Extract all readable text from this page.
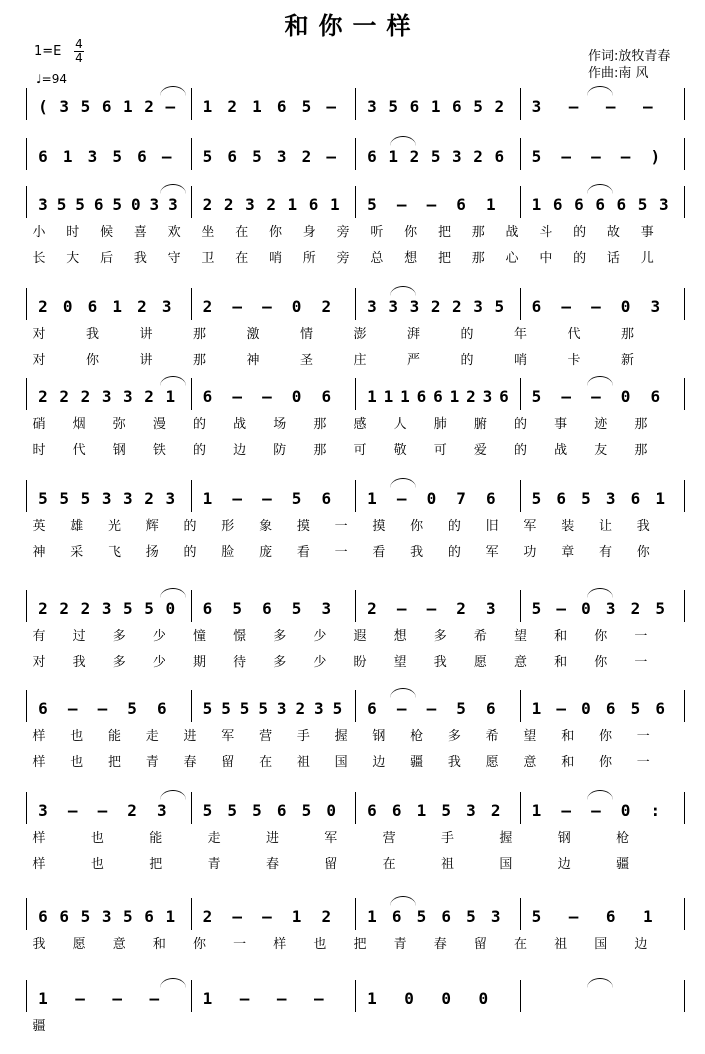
和你一样
1=E 4
4
♩=94
作词:放牧青春
作曲:南 风
( 3 5 6 1 2 – 1 2 1 6 5 – 3 5 6 1 6 5 2 3 – – –
6 1 3 5 6 – 5 6 5 3 2 – 6 1 2 5 3 2 6 5 – – – )
3 5 5 6 5 0 3 3 2 2 3 2 1 6 1 5 – – 6 1 1 6 6 6 6 5 3
小 时 候 喜 欢 坐 在 你 身 旁 听 你 把 那 战 斗 的 故 事
长 大 后 我 守 卫 在 哨 所 旁 总 想 把 那 心 中 的 话 儿
2 0 6 1 2 3 2 – – 0 2 3 3 3 2 2 3 5 6 – – 0 3
对	我	讲	那	激	情	澎	湃	的	年	代	那
对	你	讲	那	神	圣	庄	严	的	哨	卡	新
2 2 2 3 3 2 1 6 – – 0 6 1 1 1 6 6 1 2 3 6 5 – – 0 6
硝 烟 弥 漫 的 战 场 那 感 人 肺 腑 的 事 迹 那
时 代 钢 铁 的 边 防 那 可 敬 可 爱 的 战 友 那
5 5 5 3 3 2 3 1 – – 5 6 1 – 0 7 6 5 6 5 3 6 1
英 雄 光 辉 的 形 象 摸 一 摸 你 的 旧 军 装 让 我
神 采 飞 扬 的 脸 庞 看 一 看 我 的 军 功 章 有 你
2 2 2 3 5 5 0 6 5 6 5 3 2 – – 2 3 5 – 0 3 2 5
有 过 多 少 憧 憬 多 少 遐 想 多 希 望 和 你 一
对 我 多 少 期 待 多 少 盼 望 我 愿 意 和 你 一
6 – – 5 6 5 5 5 5 3 2 3 5 6 – – 5 6 1 – 0 6 5 6
样 也 能 走 进 军 营 手 握 钢 枪 多 希 望 和 你 一
样 也 把 青 春 留 在 祖 国 边 疆 我 愿 意 和 你 一
3 – – 2 3 5 5 5 6 5 0 6 6 1 5 3 2 1 – – 0 :
样	也	能	走	进	军	营	手	握	钢	枪
样	也	把	青	春	留	在	祖	国	边	疆
6 6 5 3 5 6 1 2 – – 1 2 1 6 5 6 5 3 5 – 6 1
我 愿 意 和 你 一 样 也 把 青 春 留 在 祖 国 边
1 – – –	1 – – –	1 0 0 0
疆
